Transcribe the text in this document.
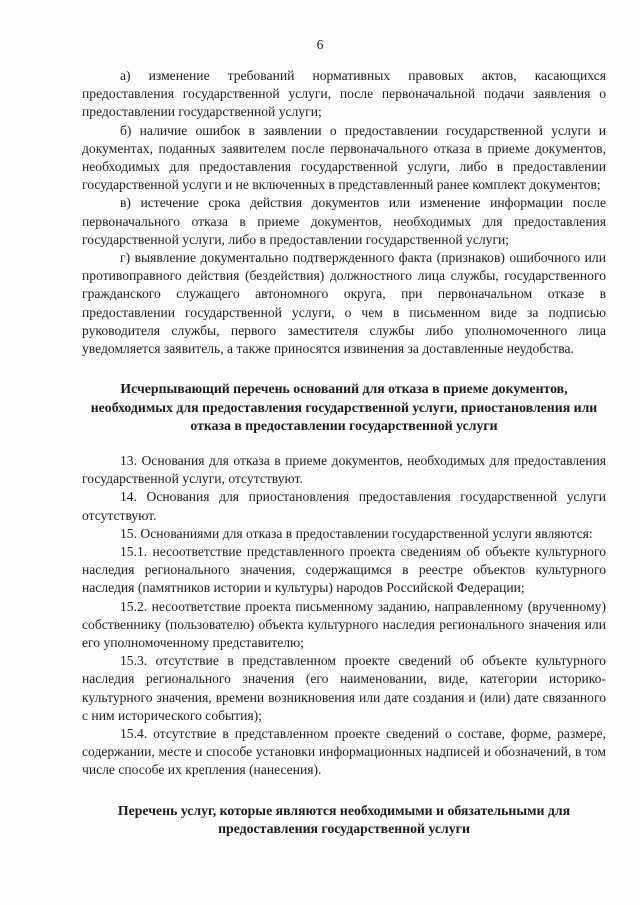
6

а) изменение требований нормативных правовых актов, касающихся предоставления государственной услуги, после первоначальной подачи заявления о предоставлении государственной услуги;

б) наличие ошибок в заявлении о предоставлении государственной услуги и документах, поданных заявителем после первоначального отказа в приеме документов, необходимых для предоставления государственной услуги, либо в предоставлении государственной услуги и не включенных в представленный ранее комплект документов;

в) истечение срока действия документов или изменение информации после первоначального отказа в приеме документов, необходимых для предоставления государственной услуги, либо в предоставлении государственной услуги;

г) выявление документально подтвержденного факта (признаков) ошибочного или противоправного действия (бездействия) должностного лица службы, государственного гражданского служащего автономного округа, при первоначальном отказе в предоставлении государственной услуги, о чем в письменном виде за подписью руководителя службы, первого заместителя службы либо уполномоченного лица уведомляется заявитель, а также приносятся извинения за доставленные неудобства.

Исчерпывающий перечень оснований для отказа в приеме документов, необходимых для предоставления государственной услуги, приостановления или отказа в предоставлении государственной услуги

13. Основания для отказа в приеме документов, необходимых для предоставления государственной услуги, отсутствуют.

14. Основания для приостановления предоставления государственной услуги отсутствуют.

15. Основаниями для отказа в предоставлении государственной услуги являются:

15.1. несоответствие представленного проекта сведениям об объекте культурного наследия регионального значения, содержащимся в реестре объектов культурного наследия (памятников истории и культуры) народов Российской Федерации;

15.2. несоответствие проекта письменному заданию, направленному (врученному) собственнику (пользователю) объекта культурного наследия регионального значения или его уполномоченному представителю;

15.3. отсутствие в представленном проекте сведений об объекте культурного наследия регионального значения (его наименовании, виде, категории историко-культурного значения, времени возникновения или дате создания и (или) дате связанного с ним исторического события);

15.4. отсутствие в представленном проекте сведений о составе, форме, размере, содержании, месте и способе установки информационных надписей и обозначений, в том числе способе их крепления (нанесения).

Перечень услуг, которые являются необходимыми и обязательными для предоставления государственной услуги
